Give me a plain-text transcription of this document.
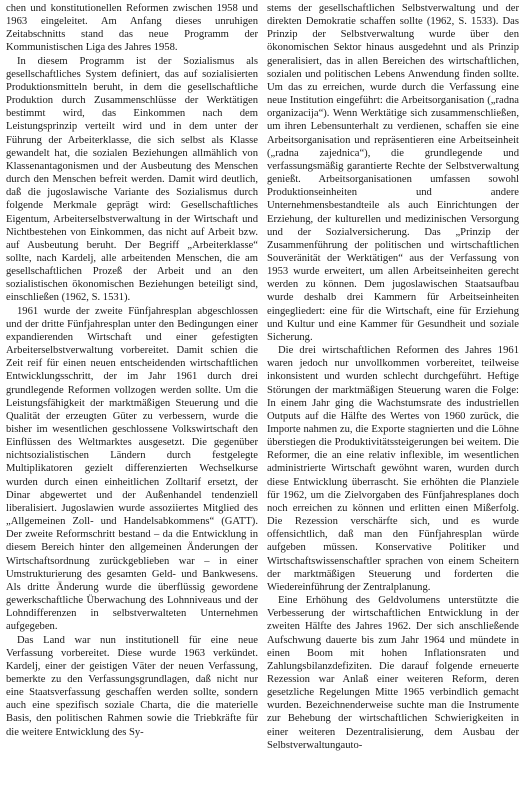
chen und konstitutionellen Reformen zwischen 1958 und 1963 eingeleitet. Am Anfang dieses unruhigen Zeitabschnitts stand das neue Programm der Kommunistischen Liga des Jahres 1958.

In diesem Programm ist der Sozialismus als gesellschaftliches System definiert, das auf sozialisierten Produktionsmitteln beruht, in dem die gesellschaftliche Produktion durch Zusammenschlüsse der Werktätigen bestimmt wird, das Einkommen nach dem Leistungsprinzip verteilt wird und in dem unter der Führung der Arbeiterklasse, die sich selbst als Klasse gewandelt hat, die sozialen Beziehungen allmählich von Klassenantagonismen und der Ausbeutung des Menschen durch den Menschen befreit werden. Damit wird deutlich, daß die jugoslawische Variante des Sozialismus durch folgende Merkmale geprägt wird: Gesellschaftliches Eigentum, Arbeiterselbstverwaltung in der Wirtschaft und Nichtbestehen von Einkommen, das nicht auf Arbeit bzw. auf Ausbeutung beruht. Der Begriff „Arbeiterklasse“ sollte, nach Kardelj, alle arbeitenden Menschen, die am gesellschaftlichen Prozeß der Arbeit und an den sozialistischen ökonomischen Beziehungen beteiligt sind, einschließen (1962, S. 1531).

1961 wurde der zweite Fünfjahresplan abgeschlossen und der dritte Fünfjahresplan unter den Bedingungen einer expandierenden Wirtschaft und einer gefestigten Arbeiterselbstverwaltung vorbereitet. Damit schien die Zeit reif für einen neuen entscheidenden wirtschaftlichen Entwicklungsschritt, der im Jahr 1961 durch drei grundlegende Reformen vollzogen werden sollte. Um die Leistungsfähigkeit der marktmäßigen Steuerung und die Qualität der erzeugten Güter zu verbessern, wurde die bisher im wesentlichen geschlossene Volkswirtschaft den Einflüssen des Weltmarktes ausgesetzt. Die gegenüber nichtsozialistischen Ländern durch festgelegte Multiplikatoren gezielt differenzierten Wechselkurse wurden durch einen einheitlichen Zolltarif ersetzt, der Dinar abgewertet und der Außenhandel tendenziell liberalisiert. Jugoslawien wurde assoziiertes Mitglied des „Allgemeinen Zoll- und Handelsabkommens“ (GATT). Der zweite Reformschritt bestand – da die Entwicklung in diesem Bereich hinter den allgemeinen Änderungen der Wirtschaftsordnung zurückgeblieben war – in einer Umstrukturierung des gesamten Geld- und Bankwesens. Als dritte Änderung wurde die überflüssig gewordene gewerkschaftliche Überwachung des Lohnniveaus und der Lohndifferenzen in selbstverwalteten Unternehmen aufgegeben.

Das Land war nun institutionell für eine neue Verfassung vorbereitet. Diese wurde 1963 verkündet. Kardelj, einer der geistigen Väter der neuen Verfassung, bemerkte zu den Verfassungsgrundlagen, daß nicht nur eine Staatsverfassung geschaffen werden sollte, sondern auch eine spezifisch soziale Charta, die die materielle Basis, den politischen Rahmen sowie die Triebkräfte für die weitere Entwicklung des Sy-

stems der gesellschaftlichen Selbstverwaltung und der direkten Demokratie schaffen sollte (1962, S. 1533). Das Prinzip der Selbstverwaltung wurde über den ökonomischen Sektor hinaus ausgedehnt und als Prinzip generalisiert, das in allen Bereichen des wirtschaftlichen, sozialen und politischen Lebens Anwendung finden sollte. Um das zu erreichen, wurde durch die Verfassung eine neue Institution eingeführt: die Arbeitsorganisation („radna organizacija“). Wenn Werktätige sich zusammenschließen, um ihren Lebensunterhalt zu verdienen, schaffen sie eine Arbeitsorganisation und repräsentieren eine Arbeitseinheit („radna zajednica“), die grundlegende und verfassungsmäßig garantierte Rechte der Selbstverwaltung genießt. Arbeitsorganisationen umfassen sowohl Produktionseinheiten und andere Unternehmensbestandteile als auch Einrichtungen der Erziehung, der kulturellen und medizinischen Versorgung und der Sozialversicherung. Das „Prinzip der Zusammenführung der politischen und wirtschaftlichen Souveränität der Werktätigen“ aus der Verfassung von 1953 wurde erweitert, um allen Arbeitseinheiten gerecht werden zu können. Dem jugoslawischen Staatsaufbau wurde deshalb drei Kammern für Arbeitseinheiten eingegliedert: eine für die Wirtschaft, eine für Erziehung und Kultur und eine Kammer für Gesundheit und soziale Sicherung.

Die drei wirtschaftlichen Reformen des Jahres 1961 waren jedoch nur unvollkommen vorbereitet, teilweise inkonsistent und wurden schlecht durchgeführt. Heftige Störungen der marktmäßigen Steuerung waren die Folge: In einem Jahr ging die Wachstumsrate des industriellen Outputs auf die Hälfte des Wertes von 1960 zurück, die Importe nahmen zu, die Exporte stagnierten und die Löhne überstiegen die Produktivitätssteigerungen bei weitem. Die Reformer, die an eine relativ inflexible, im wesentlichen administrierte Wirtschaft gewöhnt waren, wurden durch diese Entwicklung überrascht. Sie erhöhten die Planziele für 1962, um die Zielvorgaben des Fünfjahresplanes doch noch erreichen zu können und erlitten einen Mißerfolg. Die Rezession verschärfte sich, und es wurde offensichtlich, daß man den Fünfjahresplan würde aufgeben müssen. Konservative Politiker und Wirtschaftswissenschaftler sprachen von einem Scheitern der marktmäßigen Steuerung und forderten die Wiedereinführung der Zentralplanung.

Eine Erhöhung des Geldvolumens unterstützte die Verbesserung der wirtschaftlichen Entwicklung in der zweiten Hälfte des Jahres 1962. Der sich anschließende Aufschwung dauerte bis zum Jahr 1964 und mündete in einen Boom mit hohen Inflationsraten und Zahlungsbilanzdefiziten. Die darauf folgende erneuerte Rezession war Anlaß einer weiteren Reform, deren gesetzliche Regelungen Mitte 1965 verbindlich gemacht wurden. Bezeichnenderweise suchte man die Instrumente zur Behebung der wirtschaftlichen Schwierigkeiten in einer weiteren Dezentralisierung, dem Ausbau der Selbstverwaltungauto-
